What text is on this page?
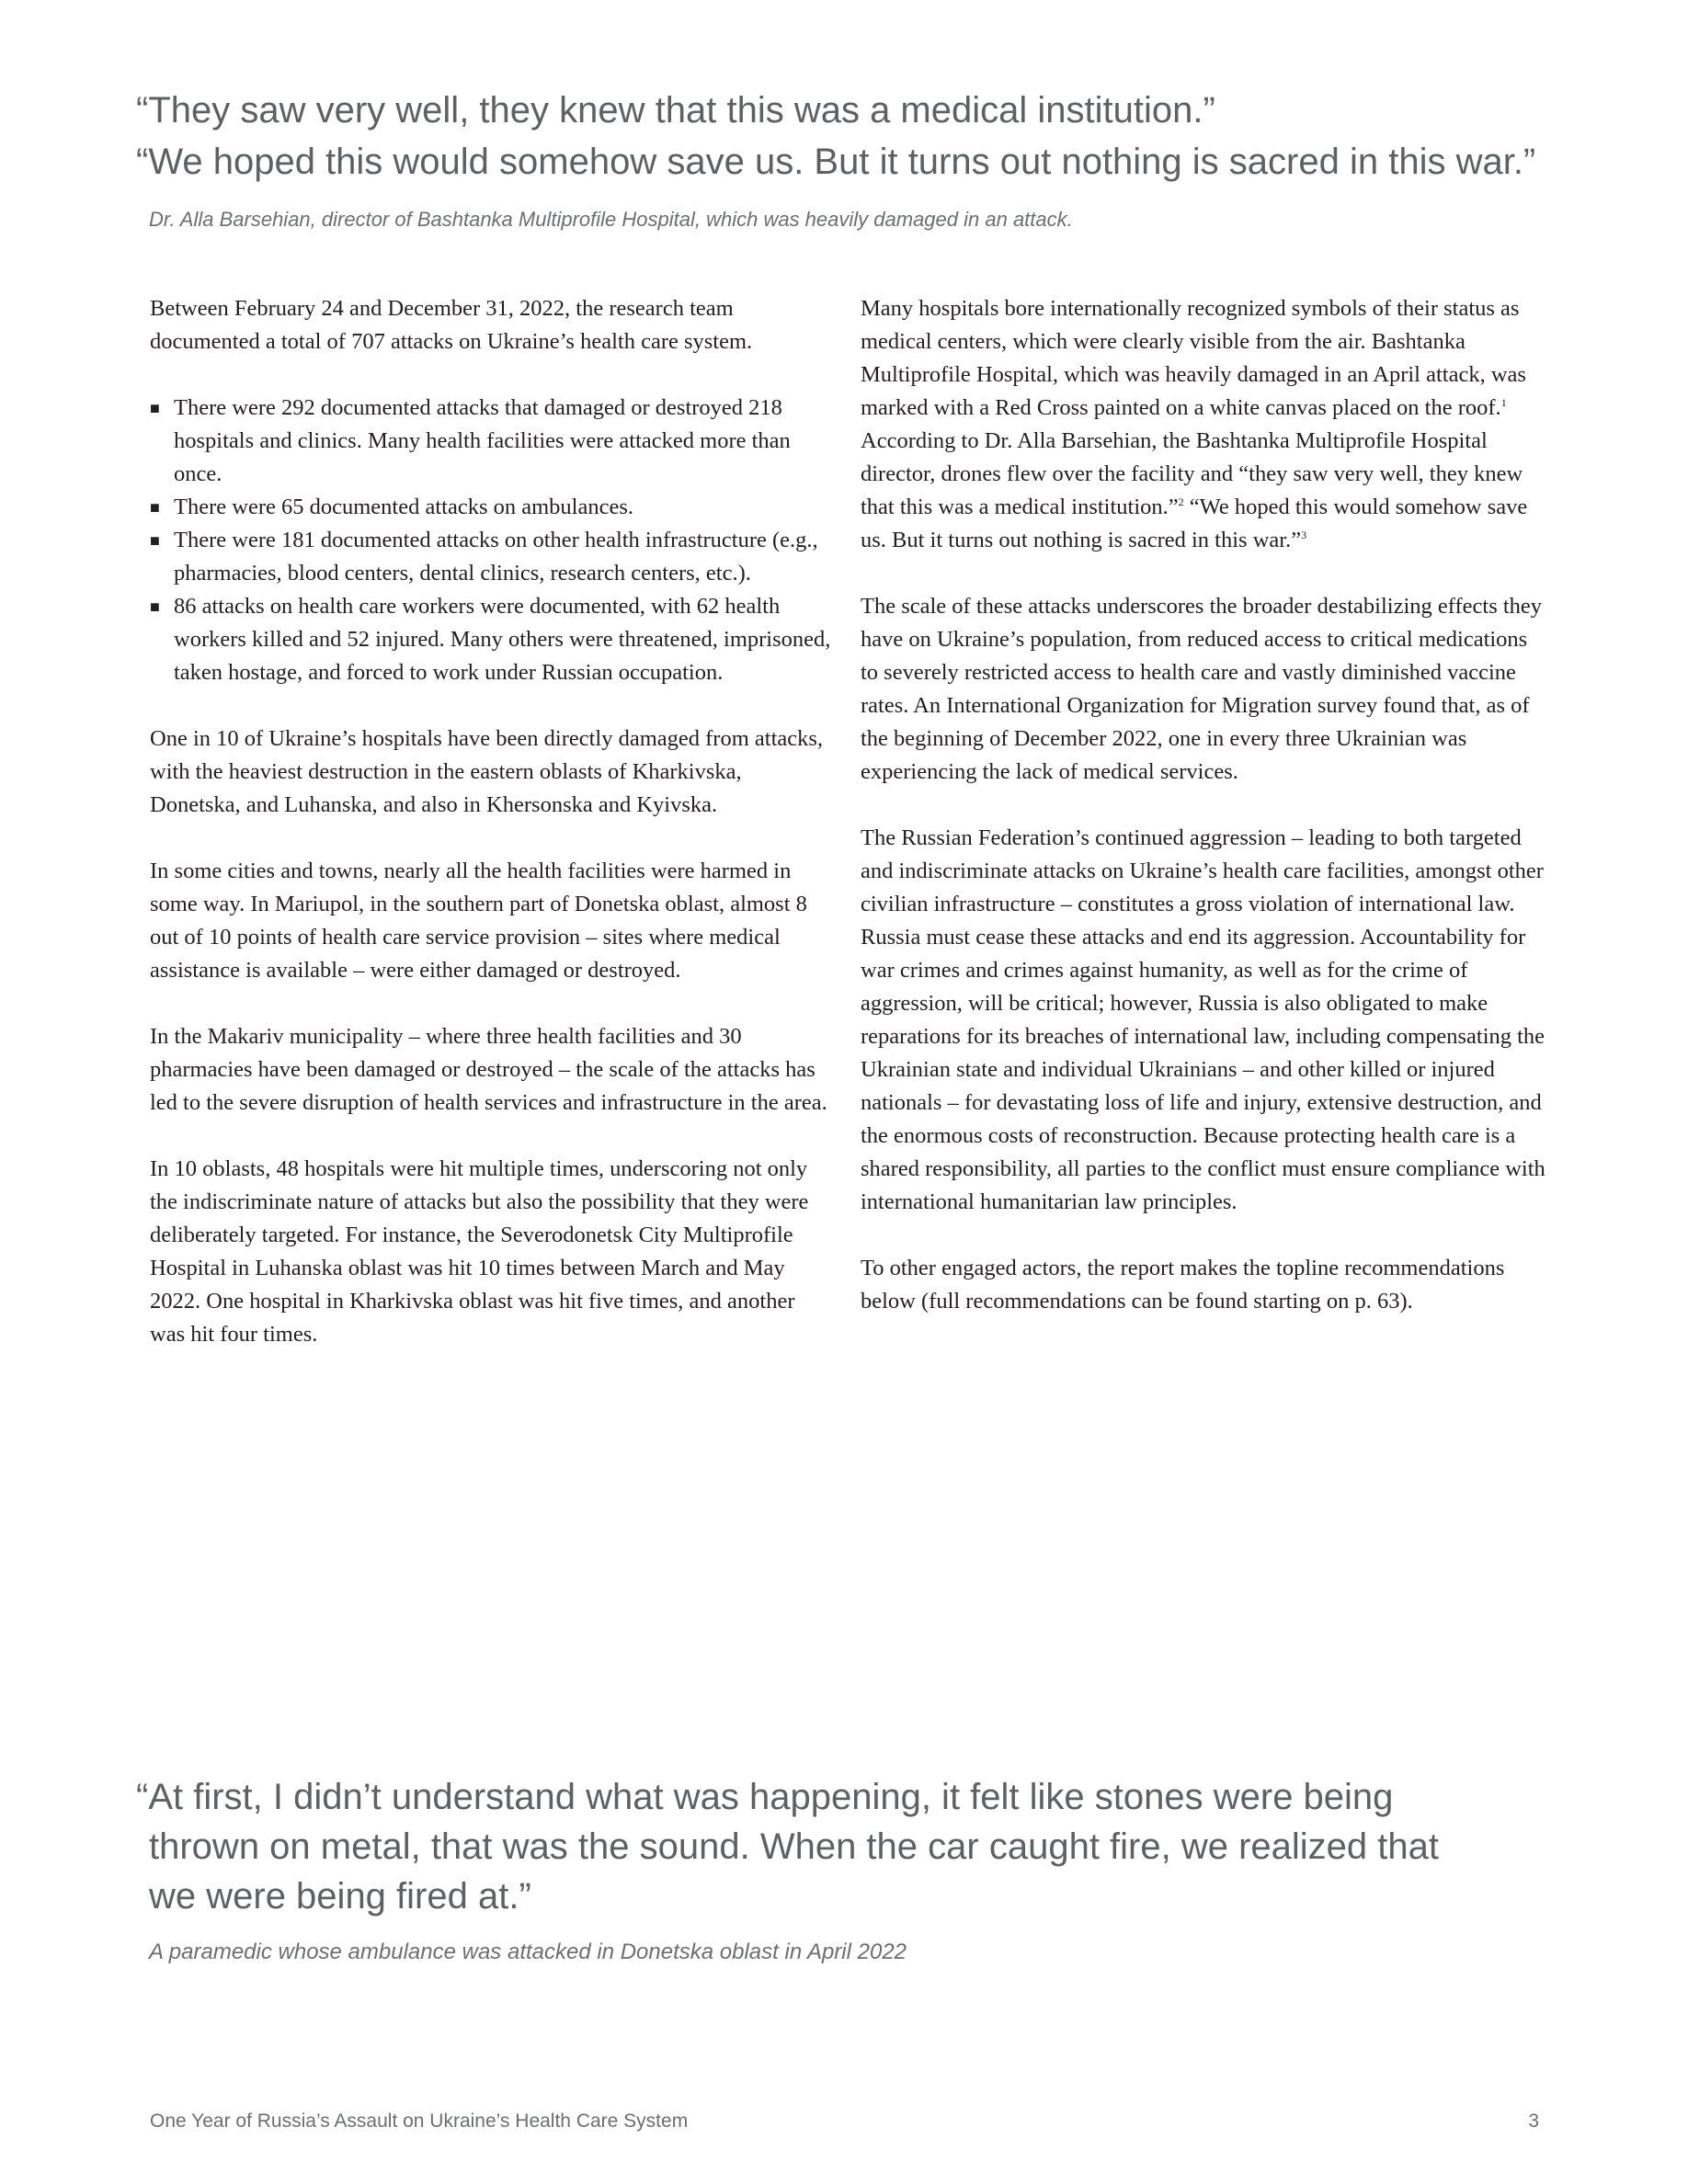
“They saw very well, they knew that this was a medical institution.”

“We hoped this would somehow save us. But it turns out nothing is sacred in this war.”

Dr. Alla Barsehian, director of Bashtanka Multiprofile Hospital, which was heavily damaged in an attack.

Between February 24 and December 31, 2022, the research team documented a total of 707 attacks on Ukraine’s health care system.

■ There were 292 documented attacks that damaged or destroyed 218 hospitals and clinics. Many health facilities were attacked more than once.
■ There were 65 documented attacks on ambulances.
■ There were 181 documented attacks on other health infrastructure (e.g., pharmacies, blood centers, dental clinics, research centers, etc.).
■ 86 attacks on health care workers were documented, with 62 health workers killed and 52 injured. Many others were threatened, imprisoned, taken hostage, and forced to work under Russian occupation.

One in 10 of Ukraine’s hospitals have been directly damaged from attacks, with the heaviest destruction in the eastern oblasts of Kharkivska, Donetska, and Luhanska, and also in Khersonska and Kyivska.

In some cities and towns, nearly all the health facilities were harmed in some way. In Mariupol, in the southern part of Donetska oblast, almost 8 out of 10 points of health care service provision – sites where medical assistance is available – were either damaged or destroyed.

In the Makariv municipality – where three health facilities and 30 pharmacies have been damaged or destroyed – the scale of the attacks has led to the severe disruption of health services and infrastructure in the area.

In 10 oblasts, 48 hospitals were hit multiple times, underscoring not only the indiscriminate nature of attacks but also the possibility that they were deliberately targeted. For instance, the Severodonetsk City Multiprofile Hospital in Luhanska oblast was hit 10 times between March and May 2022. One hospital in Kharkivska oblast was hit five times, and another was hit four times.

Many hospitals bore internationally recognized symbols of their status as medical centers, which were clearly visible from the air. Bashtanka Multiprofile Hospital, which was heavily damaged in an April attack, was marked with a Red Cross painted on a white canvas placed on the roof.$^1$ According to Dr. Alla Barsehian, the Bashtanka Multiprofile Hospital director, drones flew over the facility and “they saw very well, they knew that this was a medical institution.”$^2$ “We hoped this would somehow save us. But it turns out nothing is sacred in this war.”$^3$

The scale of these attacks underscores the broader destabilizing effects they have on Ukraine’s population, from reduced access to critical medications to severely restricted access to health care and vastly diminished vaccine rates. An International Organization for Migration survey found that, as of the beginning of December 2022, one in every three Ukrainian was experiencing the lack of medical services.

The Russian Federation’s continued aggression – leading to both targeted and indiscriminate attacks on Ukraine’s health care facilities, amongst other civilian infrastructure – constitutes a gross violation of international law. Russia must cease these attacks and end its aggression. Accountability for war crimes and crimes against humanity, as well as for the crime of aggression, will be critical; however, Russia is also obligated to make reparations for its breaches of international law, including compensating the Ukrainian state and individual Ukrainians – and other killed or injured nationals – for devastating loss of life and injury, extensive destruction, and the enormous costs of reconstruction. Because protecting health care is a shared responsibility, all parties to the conflict must ensure compliance with international humanitarian law principles.

To other engaged actors, the report makes the topline recommendations below (full recommendations can be found starting on p. 63).

“At first, I didn’t understand what was happening, it felt like stones were being

thrown on metal, that was the sound. When the car caught fire, we realized that

we were being fired at.”

A paramedic whose ambulance was attacked in Donetska oblast in April 2022

One Year of Russia’s Assault on Ukraine’s Health Care System	3
